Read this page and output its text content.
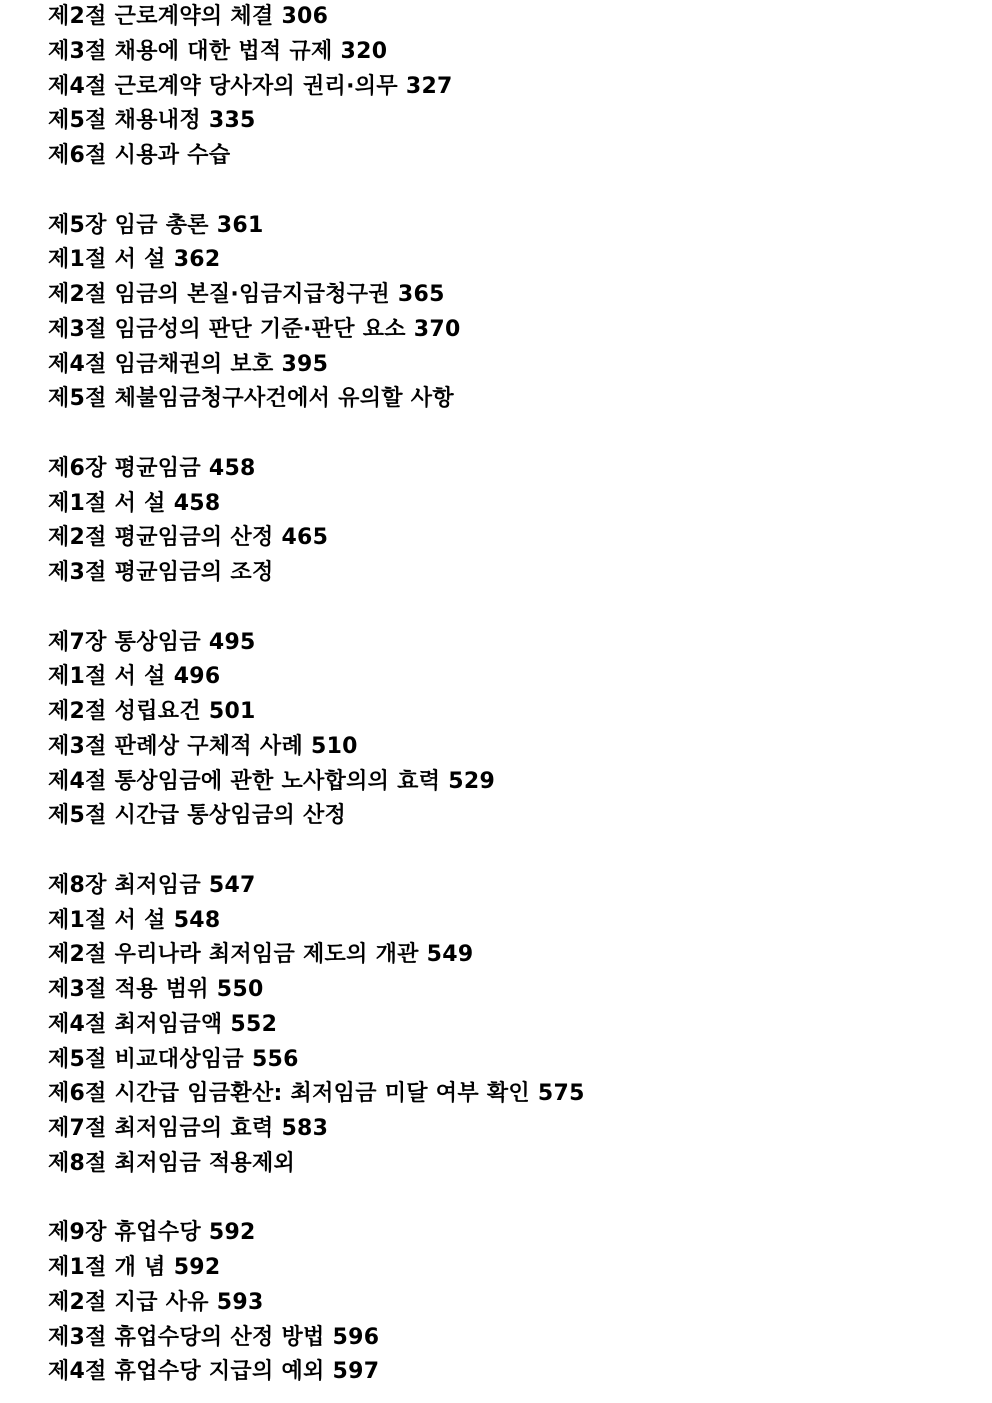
제2절 근로계약의 체결 306
제3절 채용에 대한 법적 규제 320
제4절 근로계약 당사자의 권리·의무 327
제5절 채용내정 335
제6절 시용과 수습
제5장 임금 총론 361
제1절 서 설 362
제2절 임금의 본질·임금지급청구권 365
제3절 임금성의 판단 기준·판단 요소 370
제4절 임금채권의 보호 395
제5절 체불임금청구사건에서 유의할 사항
제6장 평균임금 458
제1절 서 설 458
제2절 평균임금의 산정 465
제3절 평균임금의 조정
제7장 통상임금 495
제1절 서 설 496
제2절 성립요건 501
제3절 판례상 구체적 사례 510
제4절 통상임금에 관한 노사합의의 효력 529
제5절 시간급 통상임금의 산정
제8장 최저임금 547
제1절 서 설 548
제2절 우리나라 최저임금 제도의 개관 549
제3절 적용 범위 550
제4절 최저임금액 552
제5절 비교대상임금 556
제6절 시간급 임금환산: 최저임금 미달 여부 확인 575
제7절 최저임금의 효력 583
제8절 최저임금 적용제외
제9장 휴업수당 592
제1절 개 념 592
제2절 지급 사유 593
제3절 휴업수당의 산정 방법 596
제4절 휴업수당 지급의 예외 597
